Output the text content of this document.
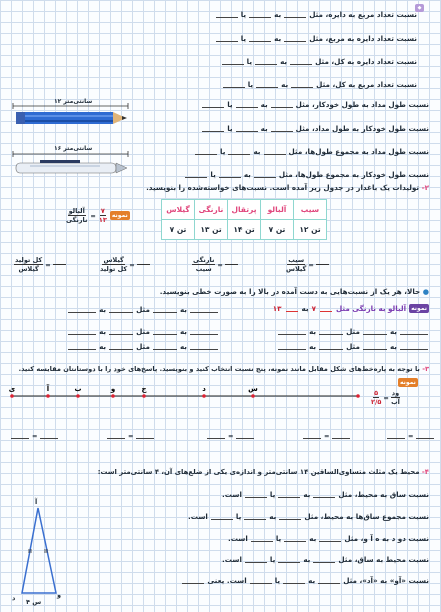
◆
نسبت تعداد مربع به دایره، مثل
به
یا
نسبت تعداد دایره به مربع، مثل
به
یا
نسبت تعداد دایره به کل، مثل
به
یا
نسبت تعداد مربع به کل، مثل
به
یا
۱۲ سانتی‌متر
۱۶ سانتی‌متر
نسبت طول مداد به طول خودکار، مثل
به
یا
نسبت طول خودکار به طول مداد، مثل
به
یا
نسبت طول مداد به مجموع طول‌ها، مثل
به
یا
نسبت طول خودکار به مجموع طول‌ها، مثل
به
یا
۲- تولیدات یک باغدار در جدول زیر آمده است. نسبت‌های خواسته‌شده را بنویسید.
$\frac{\text{آلبالو}}{\text{نارنگی}} = \frac{۷}{۱۳}$ نمونه
گیلاس	نارنگی	پرتقال	آلبالو	سیب
۷ تن	۱۳ تن	۱۴ تن	۷ تن	۱۲ تن
$\frac{\text{کل تولید}}{\text{گیلاس}}$ =

	$\frac{\text{گیلاس}}{\text{کل تولید}}$ =

	$\frac{\text{نارنگی}}{\text{سیب}}$ =

	$\frac{\text{سیب}}{\text{گیلاس}}$ =

● حالا، هر یک از نسبت‌هایی به دست آمده در بالا را به صورت خطی بنویسید.
نمونه
آلبالو به نارنگی مثل
۷
به
۱۳
به
مثل
به
به
مثل
به
به
مثل
به
به
مثل
به
به
مثل
به
۳- با توجه به پاره‌خط‌های شکل مقابل مانند نمونه، پنج نسبت انتخاب کنید و بنویسید. پاسخ‌های خود را با دوستانتان مقایسه کنید.
نمونه
$\frac{۵}{۲/۵} = \frac{\text{و‌د}}{\text{آب}}$
ی	آ	ب	و	ج	د	س
=	=	=	=	=
۴- محیط یک مثلث متساوی‌الساقین ۱۴ سانتی‌متر و اندازه‌ی یکی از ضلع‌های آن، ۴ سانتی‌متر است:
آ
د	و
۴ س
نسبت ساق به محیط، مثل
به
یا
است.
نسبت مجموع ساق‌ها به محیط، مثل
به
یا
است.
نسبت دو د به ه آ و، مثل
به
یا
است.
نسبت محیط به ساق، مثل
به
یا
است.
نسبت «آو» به «آد»، مثل
به
یا
است. یعنی
